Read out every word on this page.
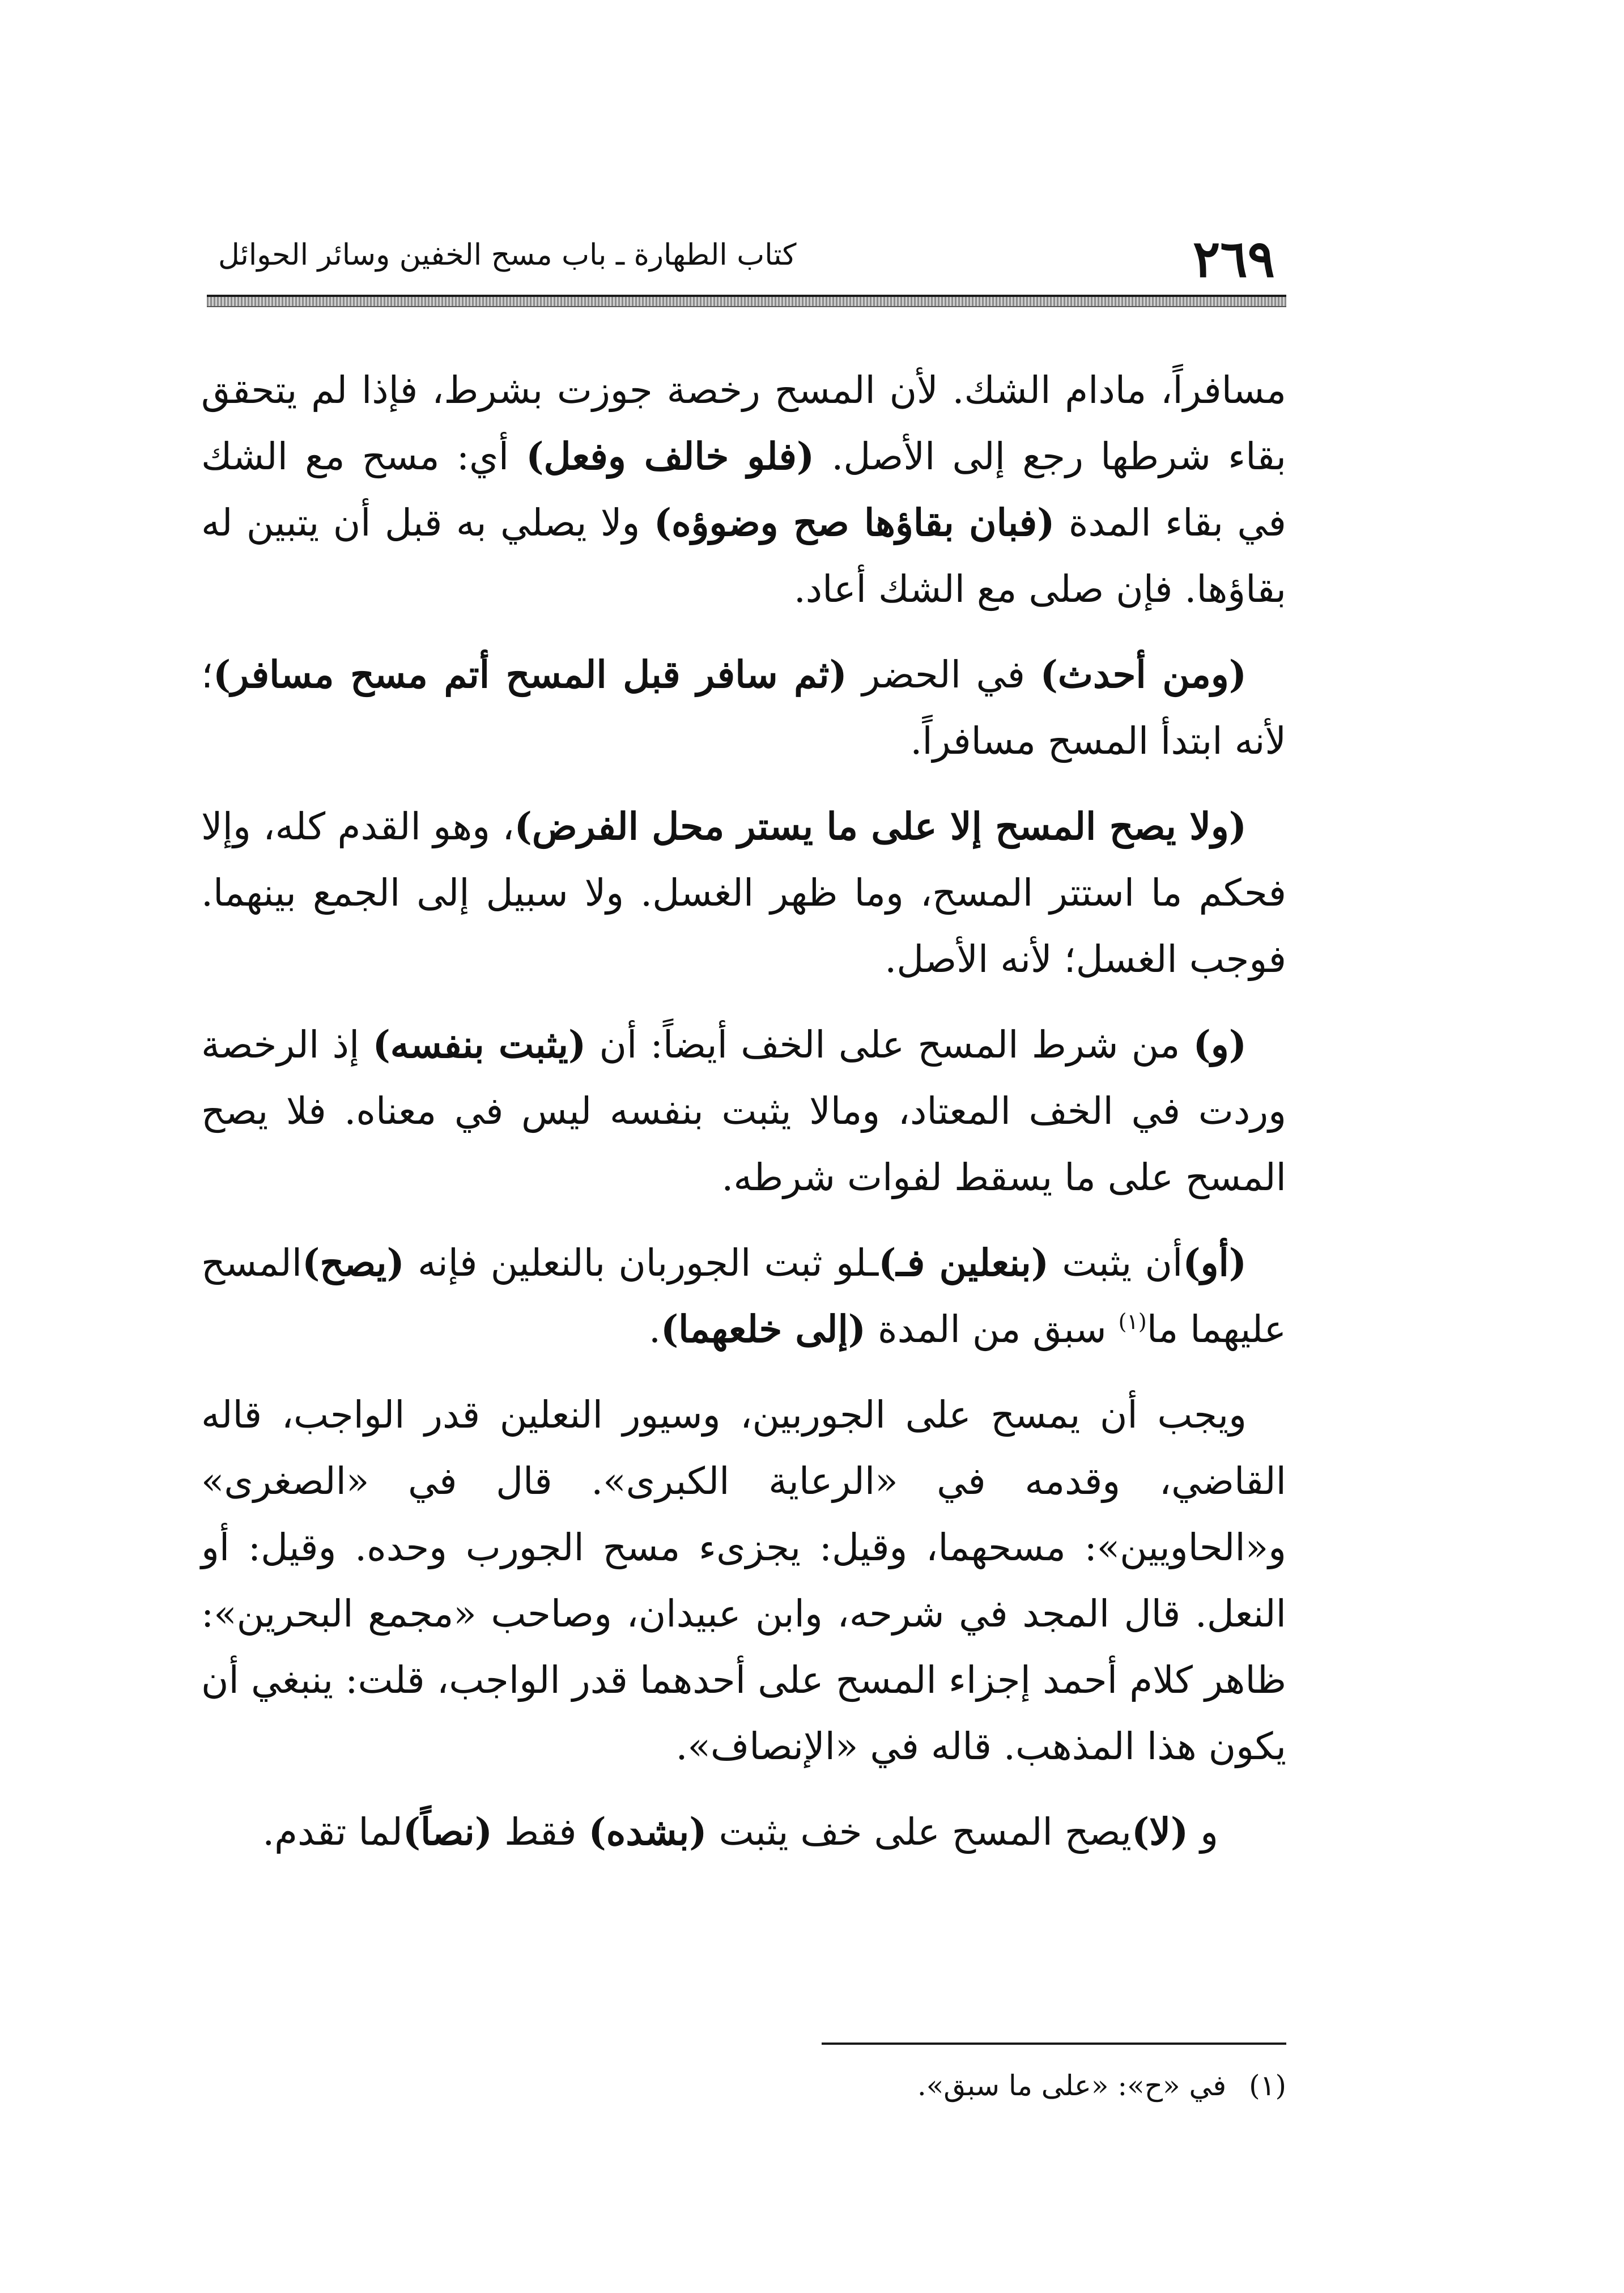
٢٦٩
كتاب الطهارة ـ باب مسح الخفين وسائر الحوائل

مسافراً، مادام الشك. لأن المسح رخصة جوزت بشرط، فإذا لم يتحقق بقاء شرطها رجع إلى الأصل. (فلو خالف وفعل) أي: مسح مع الشك في بقاء المدة (فبان بقاؤها صح وضوؤه) ولا يصلي به قبل أن يتبين له بقاؤها. فإن صلى مع الشك أعاد.

(ومن أحدث) في الحضر (ثم سافر قبل المسح أتم مسح مسافر)؛ لأنه ابتدأ المسح مسافراً.

(ولا يصح المسح إلا على ما يستر محل الفرض)، وهو القدم كله، وإلا فحكم ما استتر المسح، وما ظهر الغسل. ولا سبيل إلى الجمع بينهما. فوجب الغسل؛ لأنه الأصل.

(و) من شرط المسح على الخف أيضاً: أن (يثبت بنفسه) إذ الرخصة وردت في الخف المعتاد، ومالا يثبت بنفسه ليس في معناه. فلا يصح المسح على ما يسقط لفوات شرطه.

(أو)أن يثبت (بنعلين فـ)ـلو ثبت الجوربان بالنعلين فإنه (يصح)المسح عليهما ما$^{(١)}$ سبق من المدة (إلى خلعهما).

ويجب أن يمسح على الجوربين، وسيور النعلين قدر الواجب، قاله القاضي، وقدمه في «الرعاية الكبرى». قال في «الصغرى» و«الحاويين»: مسحهما، وقيل: يجزىء مسح الجورب وحده. وقيل: أو النعل. قال المجد في شرحه، وابن عبيدان، وصاحب «مجمع البحرين»: ظاهر كلام أحمد إجزاء المسح على أحدهما قدر الواجب، قلت: ينبغي أن يكون هذا المذهب. قاله في «الإنصاف».

و (لا)يصح المسح على خف يثبت (بشده) فقط (نصاً)لما تقدم.

(١)في «ح»: «على ما سبق».
